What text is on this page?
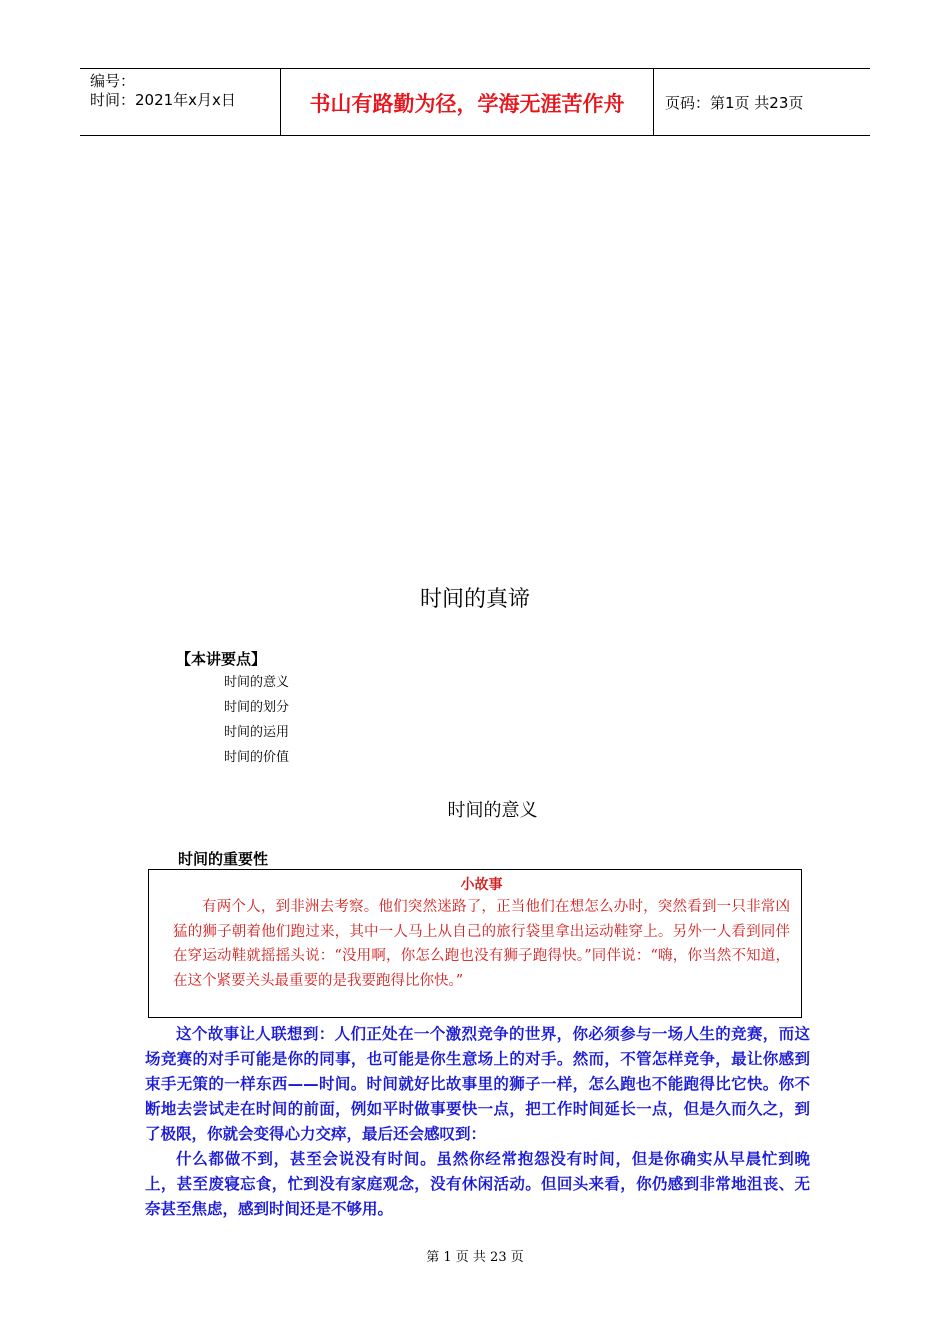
编号：
时间：2021年x月x日	书山有路勤为径，学海无涯苦作舟	页码：第1页 共23页
时间的真谛
【本讲要点】
时间的意义
时间的划分
时间的运用
时间的价值
时间的意义
时间的重要性
小故事

有两个人，到非洲去考察。他们突然迷路了，正当他们在想怎么办时，突然看到一只非常凶猛的狮子朝着他们跑过来，其中一人马上从自己的旅行袋里拿出运动鞋穿上。另外一人看到同伴在穿运动鞋就摇摇头说：“没用啊，你怎么跑也没有狮子跑得快。”同伴说：“嗨，你当然不知道，在这个紧要关头最重要的是我要跑得比你快。”

这个故事让人联想到：人们正处在一个激烈竞争的世界，你必须参与一场人生的竞赛，而这场竞赛的对手可能是你的同事，也可能是你生意场上的对手。然而，不管怎样竞争，最让你感到束手无策的一样东西——时间。时间就好比故事里的狮子一样，怎么跑也不能跑得比它快。你不断地去尝试走在时间的前面，例如平时做事要快一点，把工作时间延长一点，但是久而久之，到了极限，你就会变得心力交瘁，最后还会感叹到：

什么都做不到，甚至会说没有时间。虽然你经常抱怨没有时间，但是你确实从早晨忙到晚上，甚至废寝忘食，忙到没有家庭观念，没有休闲活动。但回头来看，你仍感到非常地沮丧、无奈甚至焦虑，感到时间还是不够用。

第 1 页 共 23 页
